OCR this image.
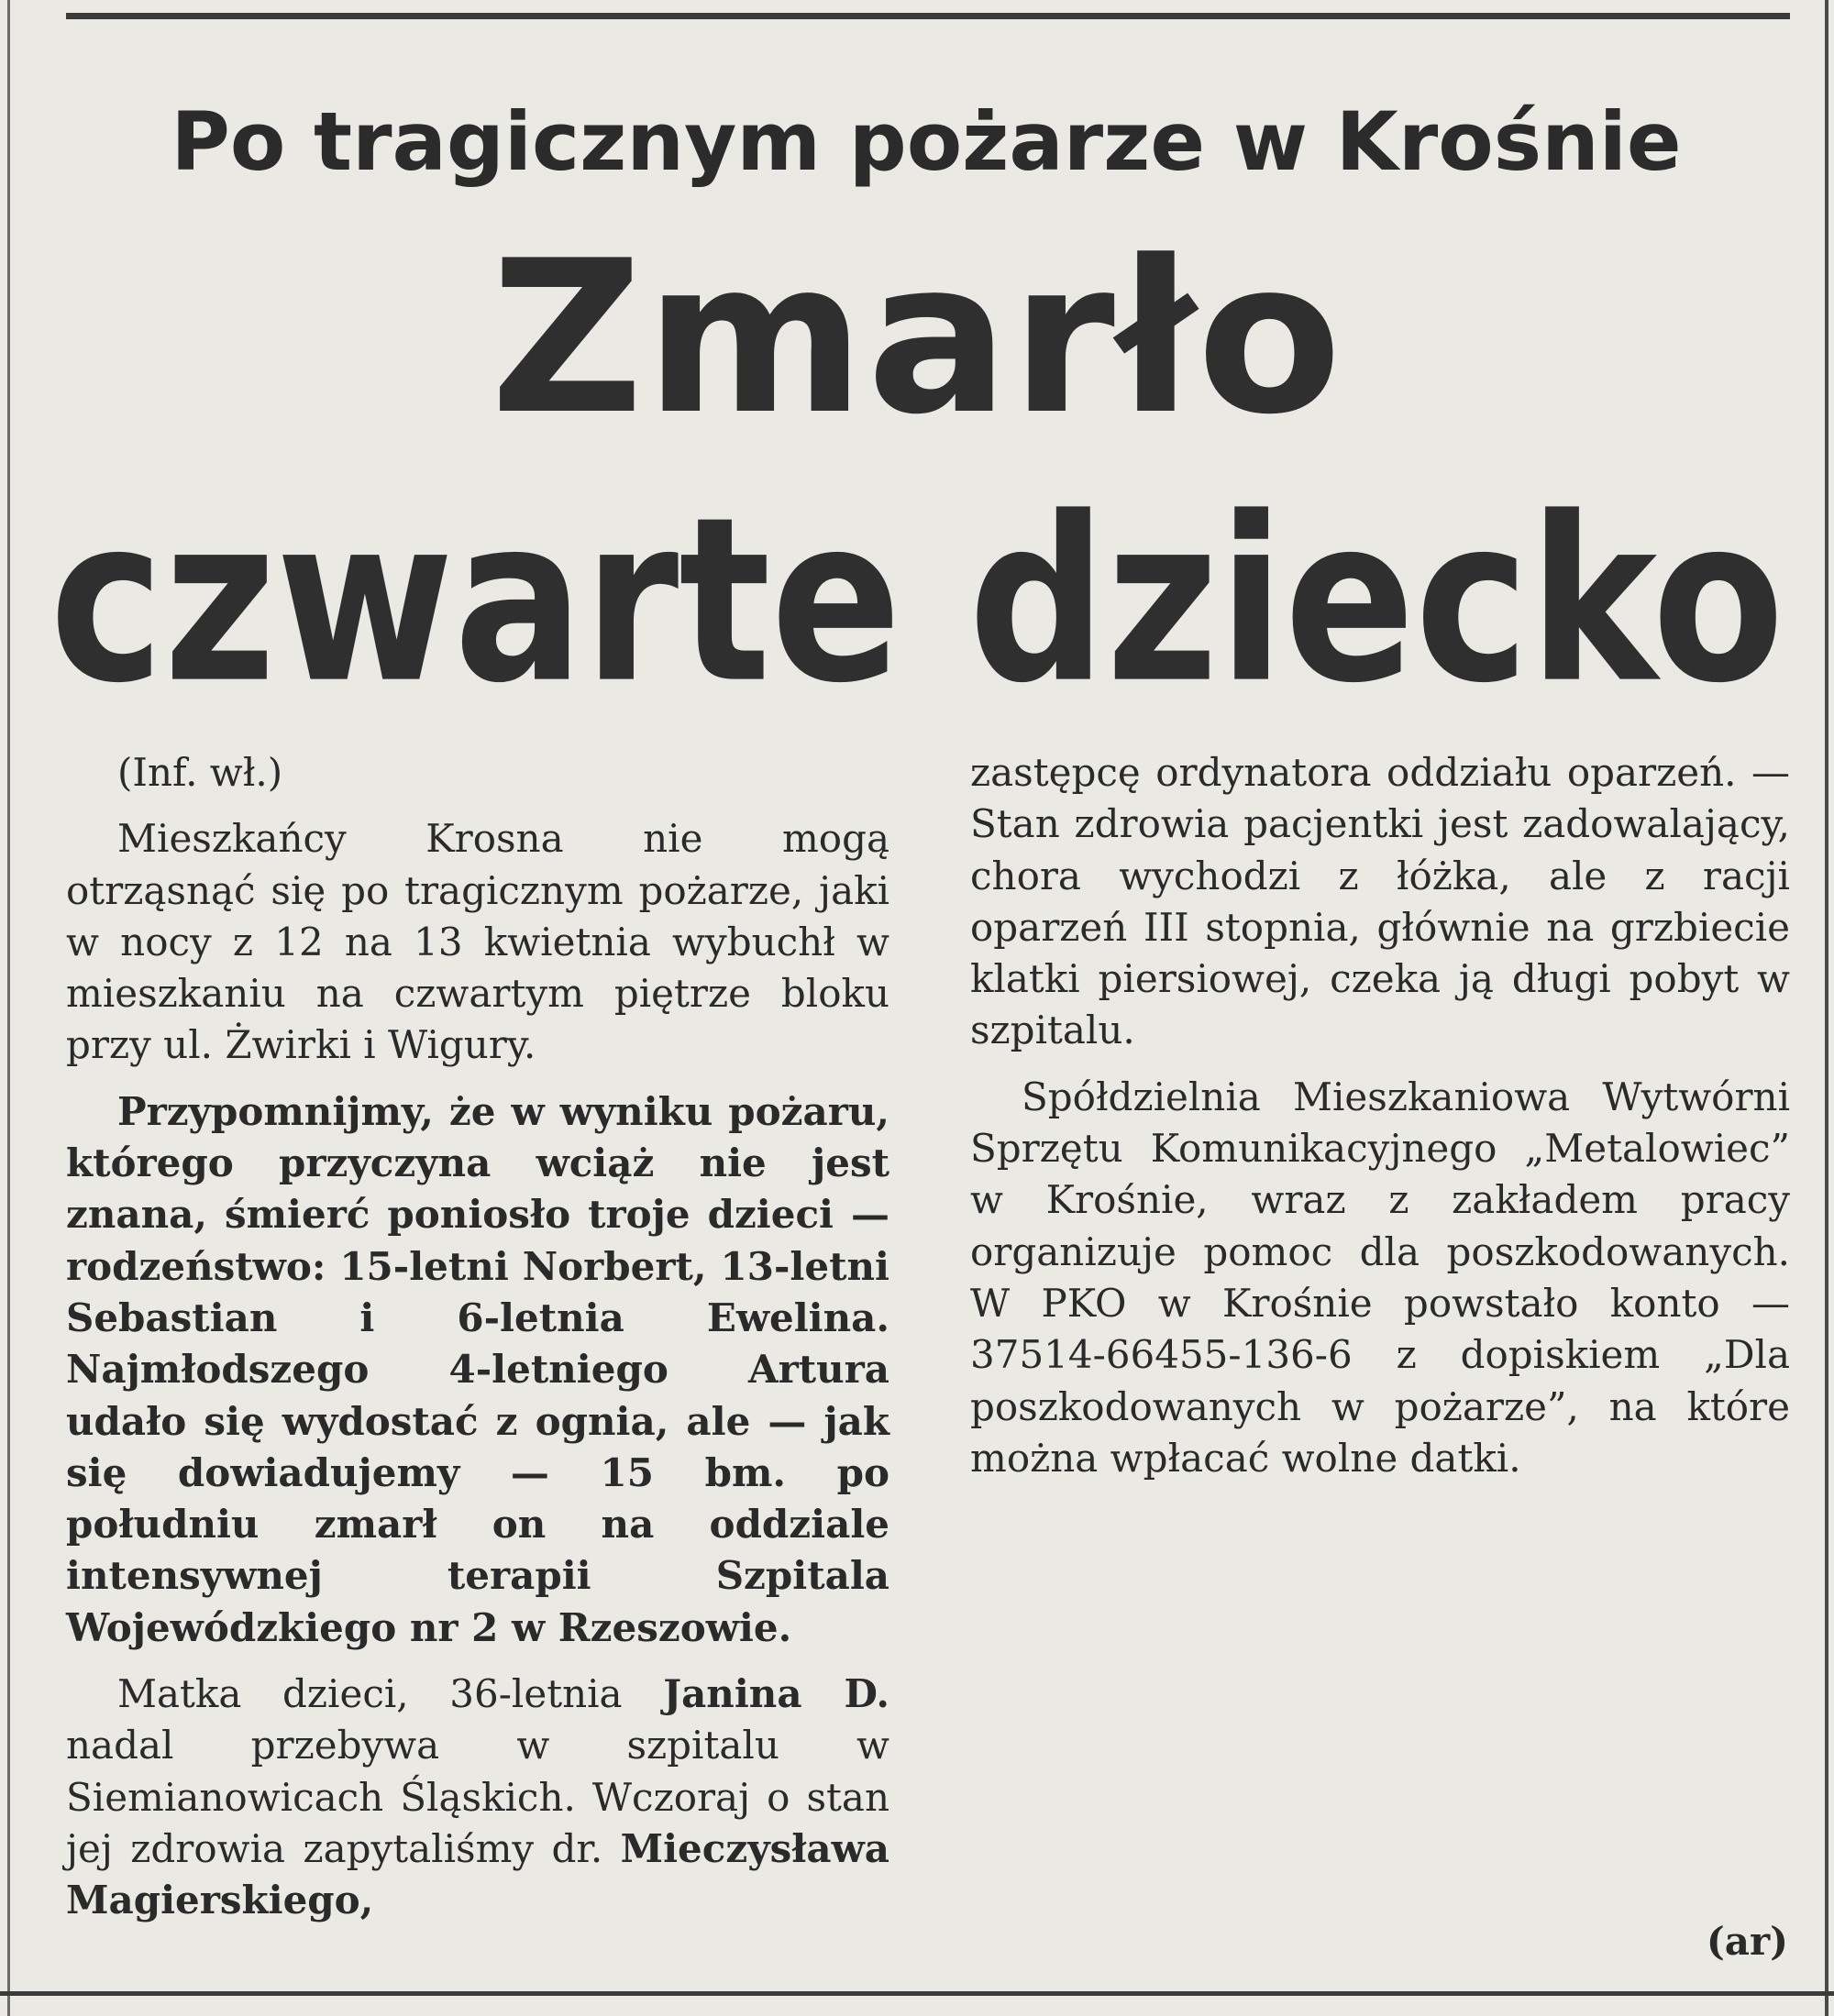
Po tragicznym pożarze w Krośnie
Zmarło
czwarte dziecko

(Inf. wł.)

Mieszkańcy Krosna nie mogą otrząsnąć się po tragicznym pożarze, jaki w nocy z 12 na 13 kwietnia wybuchł w mieszkaniu na czwartym piętrze bloku przy ul. Żwirki i Wigury.

Przypomnijmy, że w wyniku pożaru, którego przyczyna wciąż nie jest znana, śmierć poniosło troje dzieci — rodzeństwo: 15-letni Norbert, 13-letni Sebastian i 6-letnia Ewelina. Najmłodszego 4-letniego Artura udało się wydostać z ognia, ale — jak się dowiadujemy — 15 bm. po południu zmarł on na oddziale intensywnej terapii Szpitala Wojewódzkiego nr 2 w Rzeszowie.

Matka dzieci, 36-letnia Janina D. nadal przebywa w szpitalu w Siemianowicach Śląskich. Wczoraj o stan jej zdrowia zapytaliśmy dr. Mieczysława Magierskiego,

zastępcę ordynatora oddziału oparzeń. — Stan zdrowia pacjentki jest zadowalający, chora wychodzi z łóżka, ale z racji oparzeń III stopnia, głównie na grzbiecie klatki piersiowej, czeka ją długi pobyt w szpitalu.

Spółdzielnia Mieszkaniowa Wytwórni Sprzętu Komunikacyjnego „Metalowiec” w Krośnie, wraz z zakładem pracy organizuje pomoc dla poszkodowanych. W PKO w Krośnie powstało konto — 37514-66455-136-6 z dopiskiem „Dla poszkodowanych w pożarze”, na które można wpłacać wolne datki.

(ar)
